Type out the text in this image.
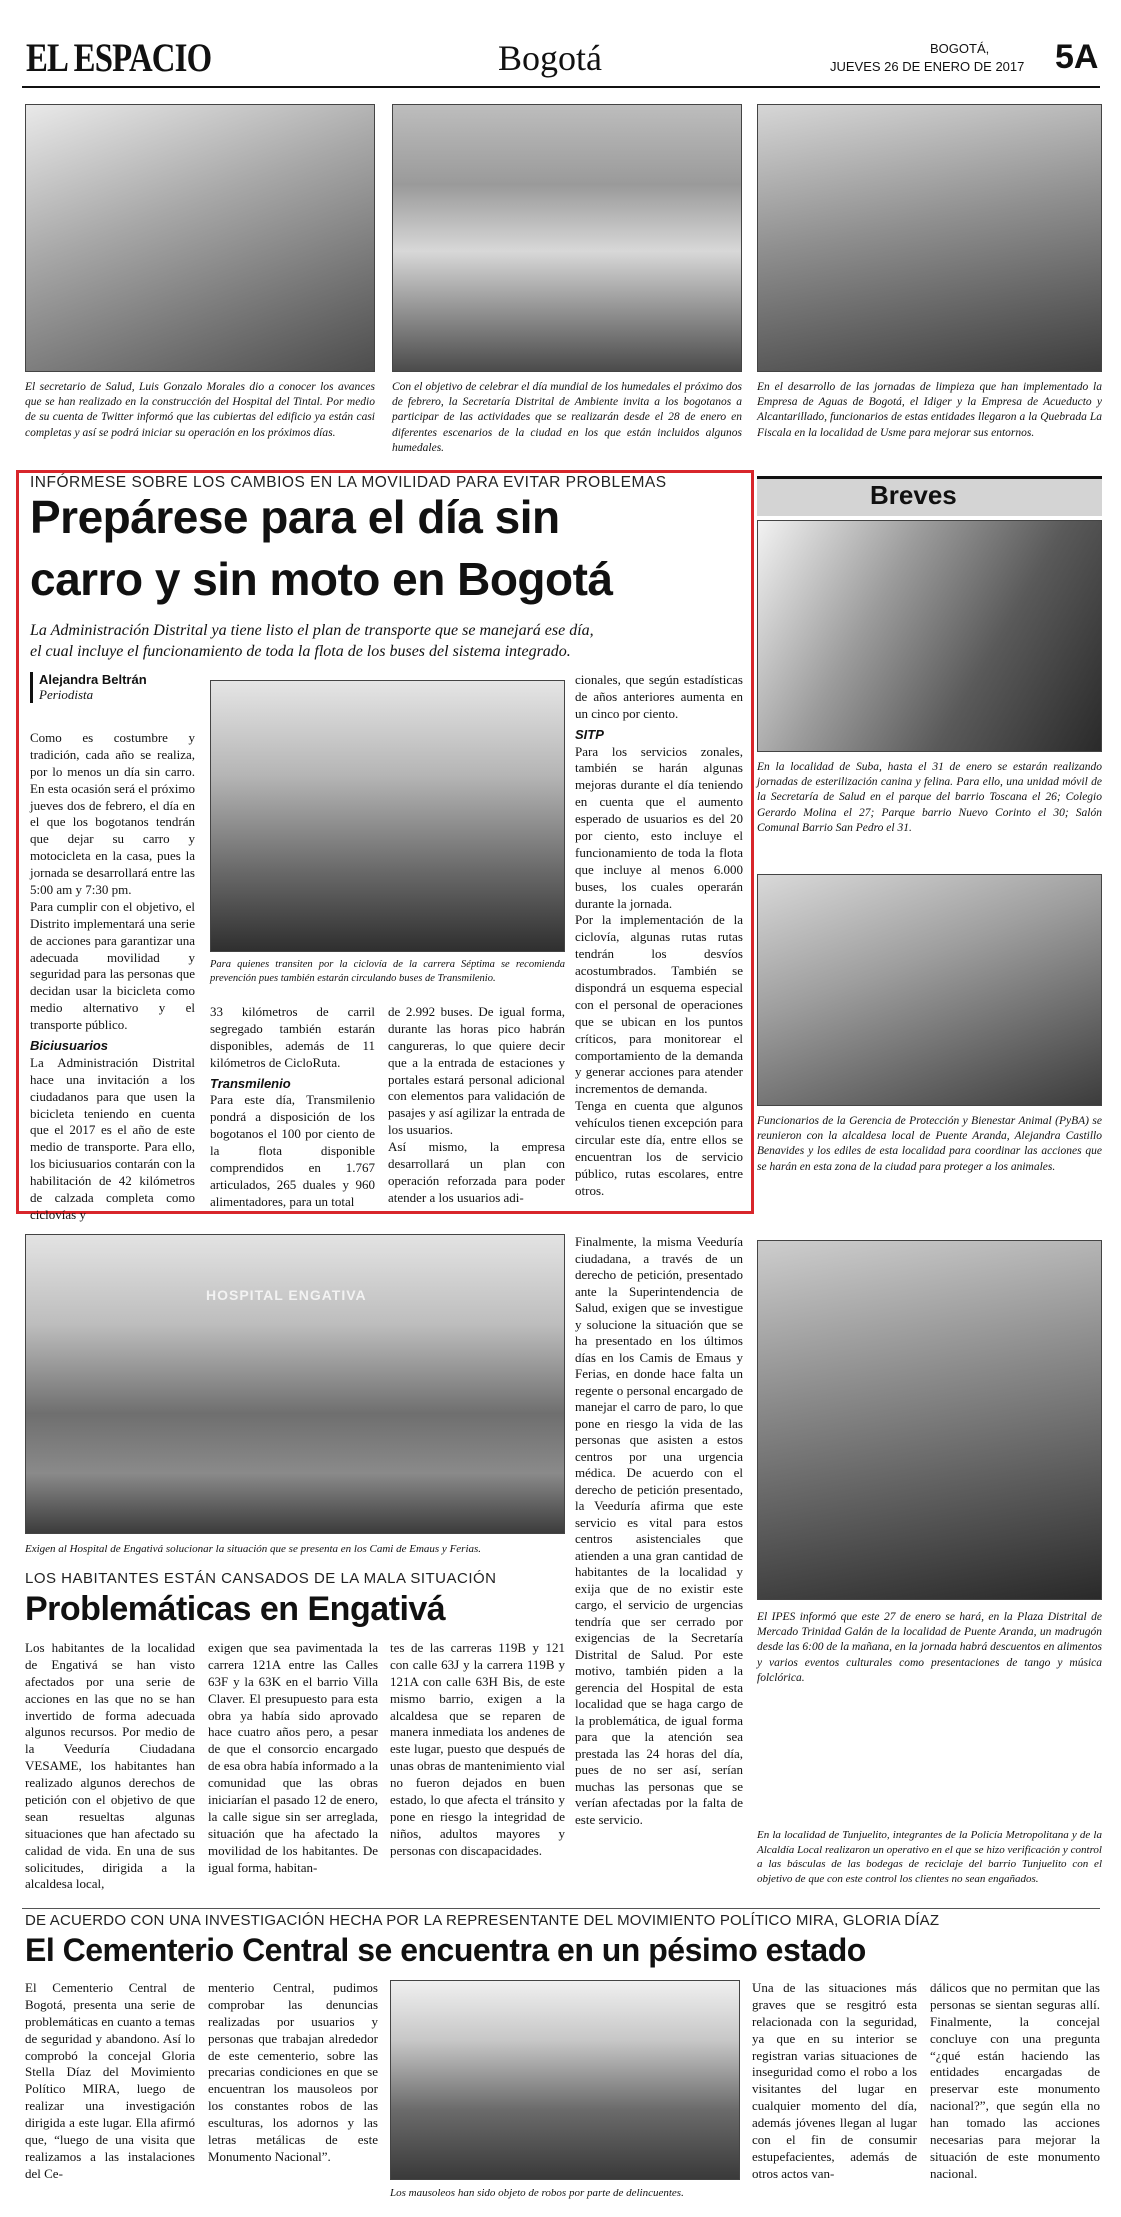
EL ESPACIO	Bogotá	BOGOTÁ,
JUEVES 26 DE ENERO DE 2017 5A
El secretario de Salud, Luis Gonzalo Morales dio a conocer los avances que se han realizado en la construcción del Hospital del Tintal. Por medio de su cuenta de Twitter informó que las cubiertas del edificio ya están casi completas y así se podrá iniciar su operación en los próximos días.
Con el objetivo de celebrar el día mundial de los humedales el próximo dos de febrero, la Secretaría Distrital de Ambiente invita a los bogotanos a participar de las actividades que se realizarán desde el 28 de enero en diferentes escenarios de la ciudad en los que están incluidos algunos humedales.
En el desarrollo de las jornadas de limpieza que han implementado la Empresa de Aguas de Bogotá, el Idiger y la Empresa de Acueducto y Alcantarillado, funcionarios de estas entidades llegaron a la Quebrada La Fiscala en la localidad de Usme para mejorar sus entornos.
INFÓRMESE SOBRE LOS CAMBIOS EN LA MOVILIDAD PARA EVITAR PROBLEMAS
Prepárese para el día sin
carro y sin moto en Bogotá
La Administración Distrital ya tiene listo el plan de transporte que se manejará ese día,
el cual incluye el funcionamiento de toda la flota de los buses del sistema integrado.
Alejandra Beltrán
Periodista

Como es costumbre y tradición, cada año se realiza, por lo menos un día sin carro. En esta ocasión será el próximo jueves dos de febrero, el día en el que los bogotanos tendrán que dejar su carro y motocicleta en la casa, pues la jornada se desarrollará entre las 5:00 am y 7:30 pm.

Para cumplir con el objetivo, el Distrito implementará una serie de acciones para garantizar una adecuada movilidad y seguridad para las personas que decidan usar la bicicleta como medio alternativo y el transporte público.

Biciusuarios

La Administración Distrital hace una invitación a los ciudadanos para que usen la bicicleta teniendo en cuenta que el 2017 es el año de este medio de transporte. Para ello, los biciusuarios contarán con la habilitación de 42 kilómetros de calzada completa como ciclovías y

Para quienes transiten por la ciclovía de la carrera Séptima se recomienda prevención pues también estarán circulando buses de Transmilenio.

33 kilómetros de carril segregado también estarán disponibles, además de 11 kilómetros de CicloRuta.

Transmilenio

Para este día, Transmilenio pondrá a disposición de los bogotanos el 100 por ciento de la flota disponible comprendidos en 1.767 articulados, 265 duales y 960 alimentadores, para un total

de 2.992 buses. De igual forma, durante las horas pico habrán cangureras, lo que quiere decir que a la entrada de estaciones y portales estará personal adicional con elementos para validación de pasajes y así agilizar la entrada de los usuarios.

Así mismo, la empresa desarrollará un plan con operación reforzada para poder atender a los usuarios adi-

cionales, que según estadísticas de años anteriores aumenta en un cinco por ciento.

SITP

Para los servicios zonales, también se harán algunas mejoras durante el día teniendo en cuenta que el aumento esperado de usuarios es del 20 por ciento, esto incluye el funcionamiento de toda la flota que incluye al menos 6.000 buses, los cuales operarán durante la jornada.

Por la implementación de la ciclovía, algunas rutas rutas tendrán los desvíos acostumbrados. También se dispondrá un esquema especial con el personal de operaciones que se ubican en los puntos críticos, para monitorear el comportamiento de la demanda y generar acciones para atender incrementos de demanda.

Tenga en cuenta que algunos vehículos tienen excepción para circular este día, entre ellos se encuentran los de servicio público, rutas escolares, entre otros.

Breves
En la localidad de Suba, hasta el 31 de enero se estarán realizando jornadas de esterilización canina y felina. Para ello, una unidad móvil de la Secretaría de Salud en el parque del barrio Toscana el 26; Colegio Gerardo Molina el 27; Parque barrio Nuevo Corinto el 30; Salón Comunal Barrio San Pedro el 31.
Funcionarios de la Gerencia de Protección y Bienestar Animal (PyBA) se reunieron con la alcaldesa local de Puente Aranda, Alejandra Castillo Benavides y los ediles de esta localidad para coordinar las acciones que se harán en esta zona de la ciudad para proteger a los animales.
El IPES informó que este 27 de enero se hará, en la Plaza Distrital de Mercado Trinidad Galán de la localidad de Puente Aranda, un madrugón desde las 6:00 de la mañana, en la jornada habrá descuentos en alimentos y varios eventos culturales como presentaciones de tango y música folclórica.
HOSPITAL ENGATIVA
Exigen al Hospital de Engativá solucionar la situación que se presenta en los Cami de Emaus y Ferias.
LOS HABITANTES ESTÁN CANSADOS DE LA MALA SITUACIÓN
Problemáticas en Engativá
Los habitantes de la localidad de Engativá se han visto afectados por una serie de acciones en las que no se han invertido de forma adecuada algunos recursos. Por medio de la Veeduría Ciudadana VESAME, los habitantes han realizado algunos derechos de petición con el objetivo de que sean resueltas algunas situaciones que han afectado su calidad de vida. En una de sus solicitudes, dirigida a la alcaldesa local,
exigen que sea pavimentada la carrera 121A entre las Calles 63F y la 63K en el barrio Villa Claver. El presupuesto para esta obra ya había sido aprovado hace cuatro años pero, a pesar de que el consorcio encargado de esa obra había informado a la comunidad que las obras iniciarían el pasado 12 de enero, la calle sigue sin ser arreglada, situación que ha afectado la movilidad de los habitantes. De igual forma, habitan-
tes de las carreras 119B y 121 con calle 63J y la carrera 119B y 121A con calle 63H Bis, de este mismo barrio, exigen a la alcaldesa que se reparen de manera inmediata los andenes de este lugar, puesto que después de unas obras de mantenimiento vial no fueron dejados en buen estado, lo que afecta el tránsito y pone en riesgo la integridad de niños, adultos mayores y personas con discapacidades.
Finalmente, la misma Veeduría ciudadana, a través de un derecho de petición, presentado ante la Superintendencia de Salud, exigen que se investigue y solucione la situación que se ha presentado en los últimos días en los Camis de Emaus y Ferias, en donde hace falta un regente o personal encargado de manejar el carro de paro, lo que pone en riesgo la vida de las personas que asisten a estos centros por una urgencia médica. De acuerdo con el derecho de petición presentado, la Veeduría afirma que este servicio es vital para estos centros asistenciales que atienden a una gran cantidad de habitantes de la localidad y exija que de no existir este cargo, el servicio de urgencias tendría que ser cerrado por exigencias de la Secretaría Distrital de Salud. Por este motivo, también piden a la gerencia del Hospital de esta localidad que se haga cargo de la problemática, de igual forma para que la atención sea prestada las 24 horas del día, pues de no ser así, serían muchas las personas que se verían afectadas por la falta de este servicio.
En la localidad de Tunjuelito, integrantes de la Policía Metropolitana y de la Alcaldía Local realizaron un operativo en el que se hizo verificación y control a las básculas de las bodegas de reciclaje del barrio Tunjuelito con el objetivo de que con este control los clientes no sean engañados.
DE ACUERDO CON UNA INVESTIGACIÓN HECHA POR LA REPRESENTANTE DEL MOVIMIENTO POLÍTICO MIRA, GLORIA DÍAZ
El Cementerio Central se encuentra en un pésimo estado
El Cementerio Central de Bogotá, presenta una serie de problemáticas en cuanto a temas de seguridad y abandono. Así lo comprobó la concejal Gloria Stella Díaz del Movimiento Político MIRA, luego de realizar una investigación dirigida a este lugar. Ella afirmó que, “luego de una visita que realizamos a las instalaciones del Ce-
menterio Central, pudimos comprobar las denuncias realizadas por usuarios y personas que trabajan alrededor de este cementerio, sobre las precarias condiciones en que se encuentran los mausoleos por los constantes robos de las esculturas, los adornos y las letras metálicas de este Monumento Nacional”.
Los mausoleos han sido objeto de robos por parte de delincuentes.
Una de las situaciones más graves que se resgitró esta relacionada con la seguridad, ya que en su interior se registran varias situaciones de inseguridad como el robo a los visitantes del lugar en cualquier momento del día, además jóvenes llegan al lugar con el fin de consumir estupefacientes, además de otros actos van-
dálicos que no permitan que las personas se sientan seguras allí. Finalmente, la concejal concluye con una pregunta “¿qué están haciendo las entidades encargadas de preservar este monumento nacional?”, que según ella no han tomado las acciones necesarias para mejorar la situación de este monumento nacional.
